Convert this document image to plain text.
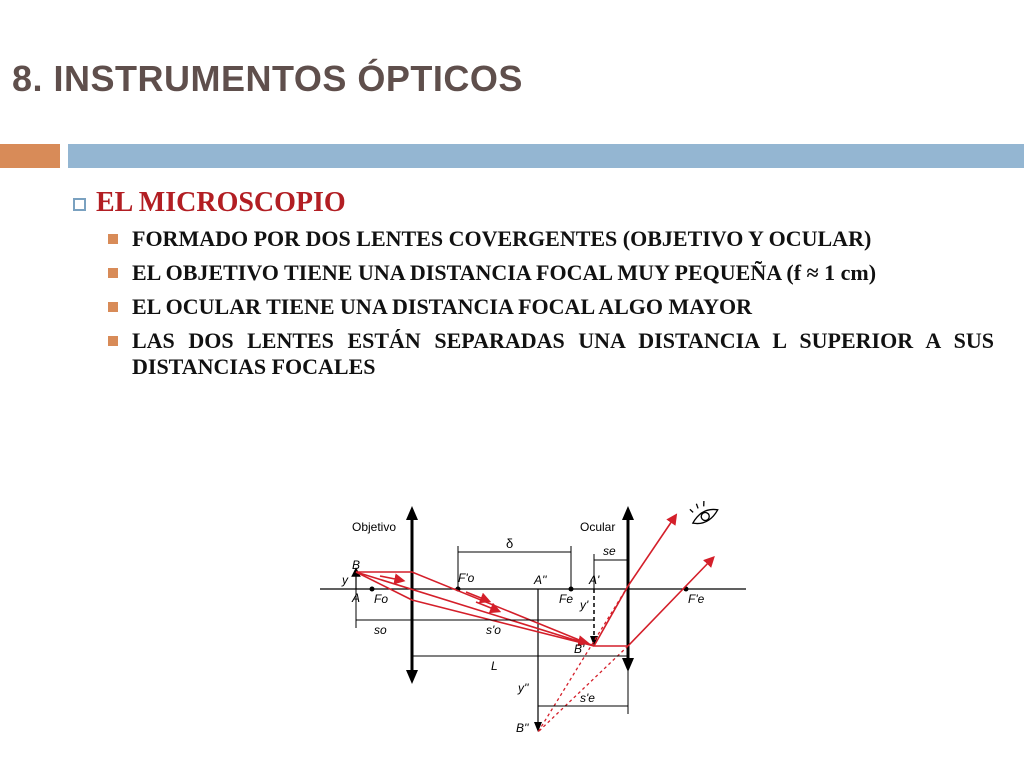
8. INSTRUMENTOS ÓPTICOS
EL MICROSCOPIO
FORMADO POR DOS LENTES COVERGENTES (OBJETIVO Y OCULAR)
EL OBJETIVO TIENE UNA DISTANCIA FOCAL MUY PEQUEÑA (f ≈ 1 cm)
EL OCULAR TIENE UNA DISTANCIA FOCAL ALGO MAYOR
LAS DOS LENTES ESTÁN SEPARADAS UNA DISTANCIA L SUPERIOR A SUS DISTANCIAS FOCALES
Objetivo	Ocular
B
y
A Fo
F'o
δ
A''
Fe
A'
se
y'	F'e
so	s'o
B'
L
y''
s'e
B''
